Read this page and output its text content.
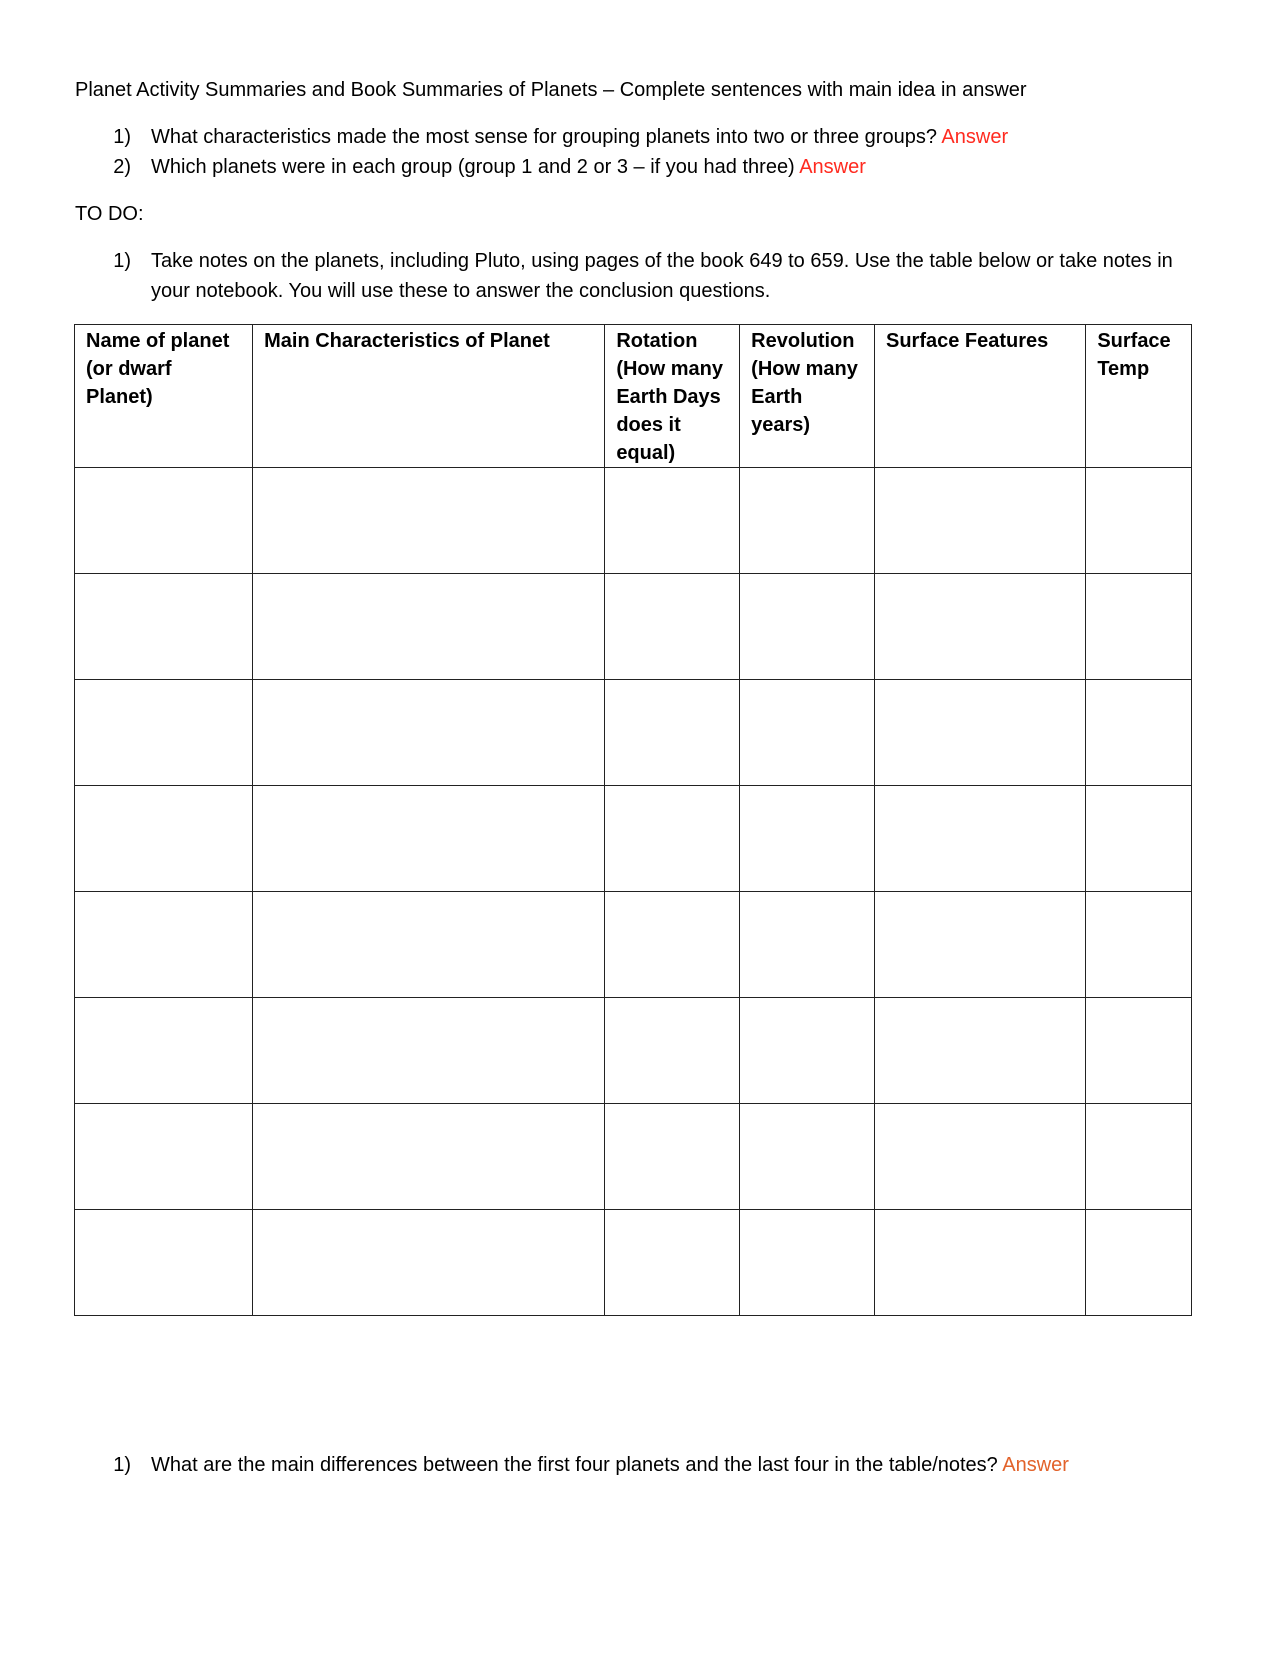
Planet Activity Summaries and Book Summaries of Planets – Complete sentences with main idea in answer
1)	What characteristics made the most sense for grouping planets into two or three groups? Answer
2)	Which planets were in each group (group 1 and 2 or 3 – if you had three) Answer
TO DO:
1)	Take notes on the planets, including Pluto, using pages of the book 649 to 659. Use the table below or take notes in your notebook. You will use these to answer the conclusion questions.
Name of planet (or dwarf Planet)	Main Characteristics of Planet	Rotation (How many Earth Days does it equal)	Revolution (How many Earth years)	Surface Features	Surface Temp

1)	What are the main differences between the first four planets and the last four in the table/notes? Answer
